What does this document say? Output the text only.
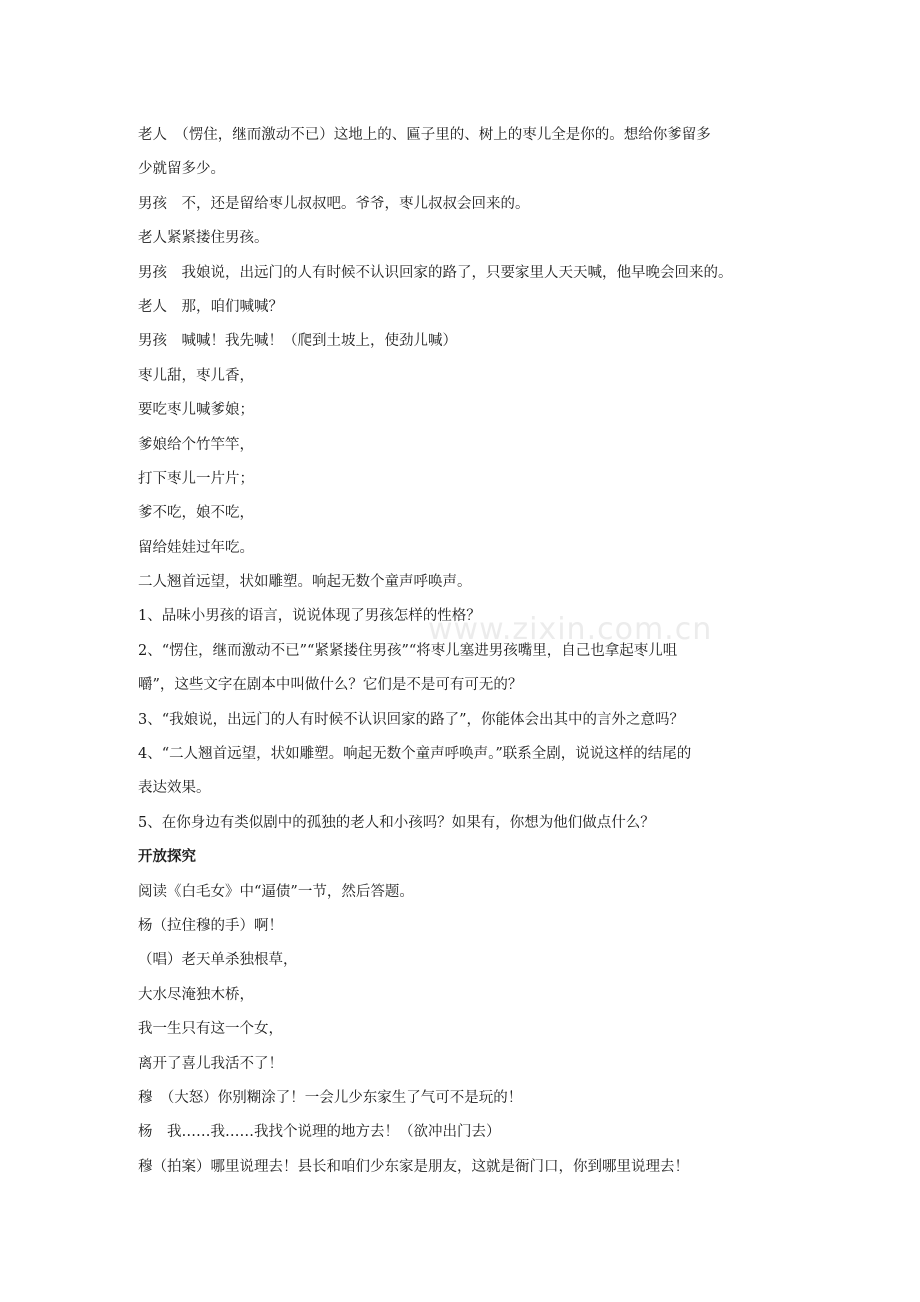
www.zixin.com.cn
老人　（愣住，继而激动不已）这地上的、匾子里的、树上的枣儿全是你的。想给你爹留多
少就留多少。
男孩　不，还是留给枣儿叔叔吧。爷爷，枣儿叔叔会回来的。
老人紧紧搂住男孩。
男孩　我娘说，出远门的人有时候不认识回家的路了，只要家里人天天喊，他早晚会回来的。
老人　那，咱们喊喊？
男孩　喊喊！我先喊！（爬到土坡上，使劲儿喊）
枣儿甜，枣儿香，
要吃枣儿喊爹娘；
爹娘给个竹竿竿，
打下枣儿一片片；
爹不吃，娘不吃，
留给娃娃过年吃。
二人翘首远望，状如雕塑。响起无数个童声呼唤声。
1、品味小男孩的语言，说说体现了男孩怎样的性格？
2、“愣住，继而激动不已”“紧紧搂住男孩”“将枣儿塞进男孩嘴里，自己也拿起枣儿咀
嚼”，这些文字在剧本中叫做什么？它们是不是可有可无的？
3、“我娘说，出远门的人有时候不认识回家的路了”，你能体会出其中的言外之意吗？
4、“二人翘首远望，状如雕塑。响起无数个童声呼唤声。”联系全剧，说说这样的结尾的
表达效果。
5、在你身边有类似剧中的孤独的老人和小孩吗？如果有，你想为他们做点什么？
开放探究
阅读《白毛女》中“逼债”一节，然后答题。
杨（拉住穆的手）啊！
（唱）老天单杀独根草，
大水尽淹独木桥，
我一生只有这一个女，
离开了喜儿我活不了！
穆　（大怒）你别糊涂了！一会儿少东家生了气可不是玩的！
杨　我……我……我找个说理的地方去！（欲冲出门去）
穆（拍案）哪里说理去！县长和咱们少东家是朋友，这就是衙门口，你到哪里说理去！
